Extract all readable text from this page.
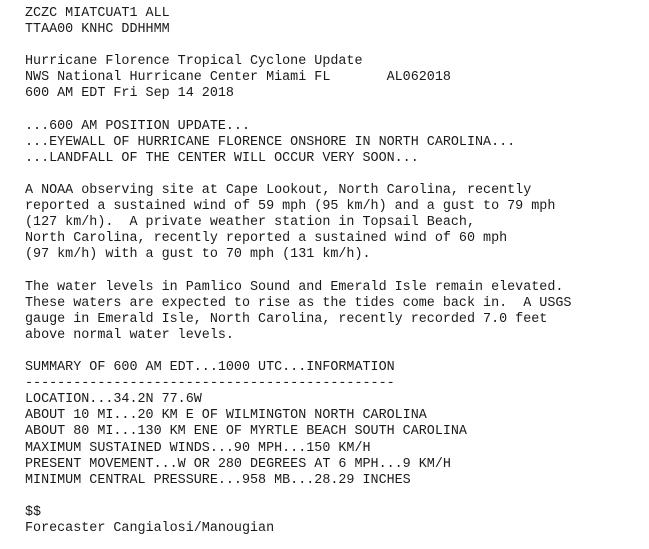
ZCZC MIATCUAT1 ALL
TTAA00 KNHC DDHHMM
Hurricane Florence Tropical Cyclone Update
NWS National Hurricane Center Miami FL       AL062018
600 AM EDT Fri Sep 14 2018
...600 AM POSITION UPDATE...
...EYEWALL OF HURRICANE FLORENCE ONSHORE IN NORTH CAROLINA...
...LANDFALL OF THE CENTER WILL OCCUR VERY SOON...
A NOAA observing site at Cape Lookout, North Carolina, recently
reported a sustained wind of 59 mph (95 km/h) and a gust to 79 mph
(127 km/h).  A private weather station in Topsail Beach,
North Carolina, recently reported a sustained wind of 60 mph
(97 km/h) with a gust to 70 mph (131 km/h).
The water levels in Pamlico Sound and Emerald Isle remain elevated.
These waters are expected to rise as the tides come back in.  A USGS
gauge in Emerald Isle, North Carolina, recently recorded 7.0 feet
above normal water levels.
SUMMARY OF 600 AM EDT...1000 UTC...INFORMATION
----------------------------------------------
LOCATION...34.2N 77.6W
ABOUT 10 MI...20 KM E OF WILMINGTON NORTH CAROLINA
ABOUT 80 MI...130 KM ENE OF MYRTLE BEACH SOUTH CAROLINA
MAXIMUM SUSTAINED WINDS...90 MPH...150 KM/H
PRESENT MOVEMENT...W OR 280 DEGREES AT 6 MPH...9 KM/H
MINIMUM CENTRAL PRESSURE...958 MB...28.29 INCHES
$$
Forecaster Cangialosi/Manougian
